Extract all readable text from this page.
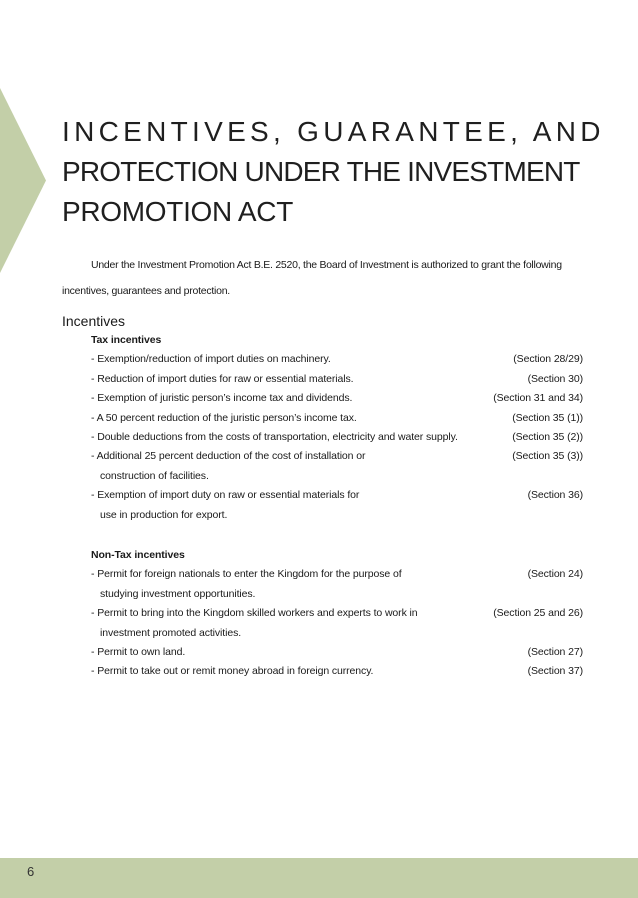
INCENTIVES, GUARANTEE, AND
PROTECTION UNDER THE INVESTMENT
PROMOTION ACT
Under the Investment Promotion Act B.E. 2520, the Board of Investment is authorized to grant the following
incentives, guarantees and protection.
Incentives
Tax incentives
- Exemption/reduction of import duties on machinery.	(Section 28/29)
- Reduction of import duties for raw or essential materials.	(Section 30)
- Exemption of juristic person’s income tax and dividends.	(Section 31 and 34)
- A 50 percent reduction of the juristic person’s income tax.	(Section 35 (1))
- Double deductions from the costs of transportation, electricity and water supply.	(Section 35 (2))
- Additional 25 percent deduction of the cost of installation or	(Section 35 (3))
construction of facilities.
- Exemption of import duty on raw or essential materials for	(Section 36)
use in production for export.
Non-Tax incentives
- Permit for foreign nationals to enter the Kingdom for the purpose of	(Section 24)
studying investment opportunities.
- Permit to bring into the Kingdom skilled workers and experts to work in	(Section 25 and 26)
investment promoted activities.
- Permit to own land.	(Section 27)
- Permit to take out or remit money abroad in foreign currency.	(Section 37)
6
